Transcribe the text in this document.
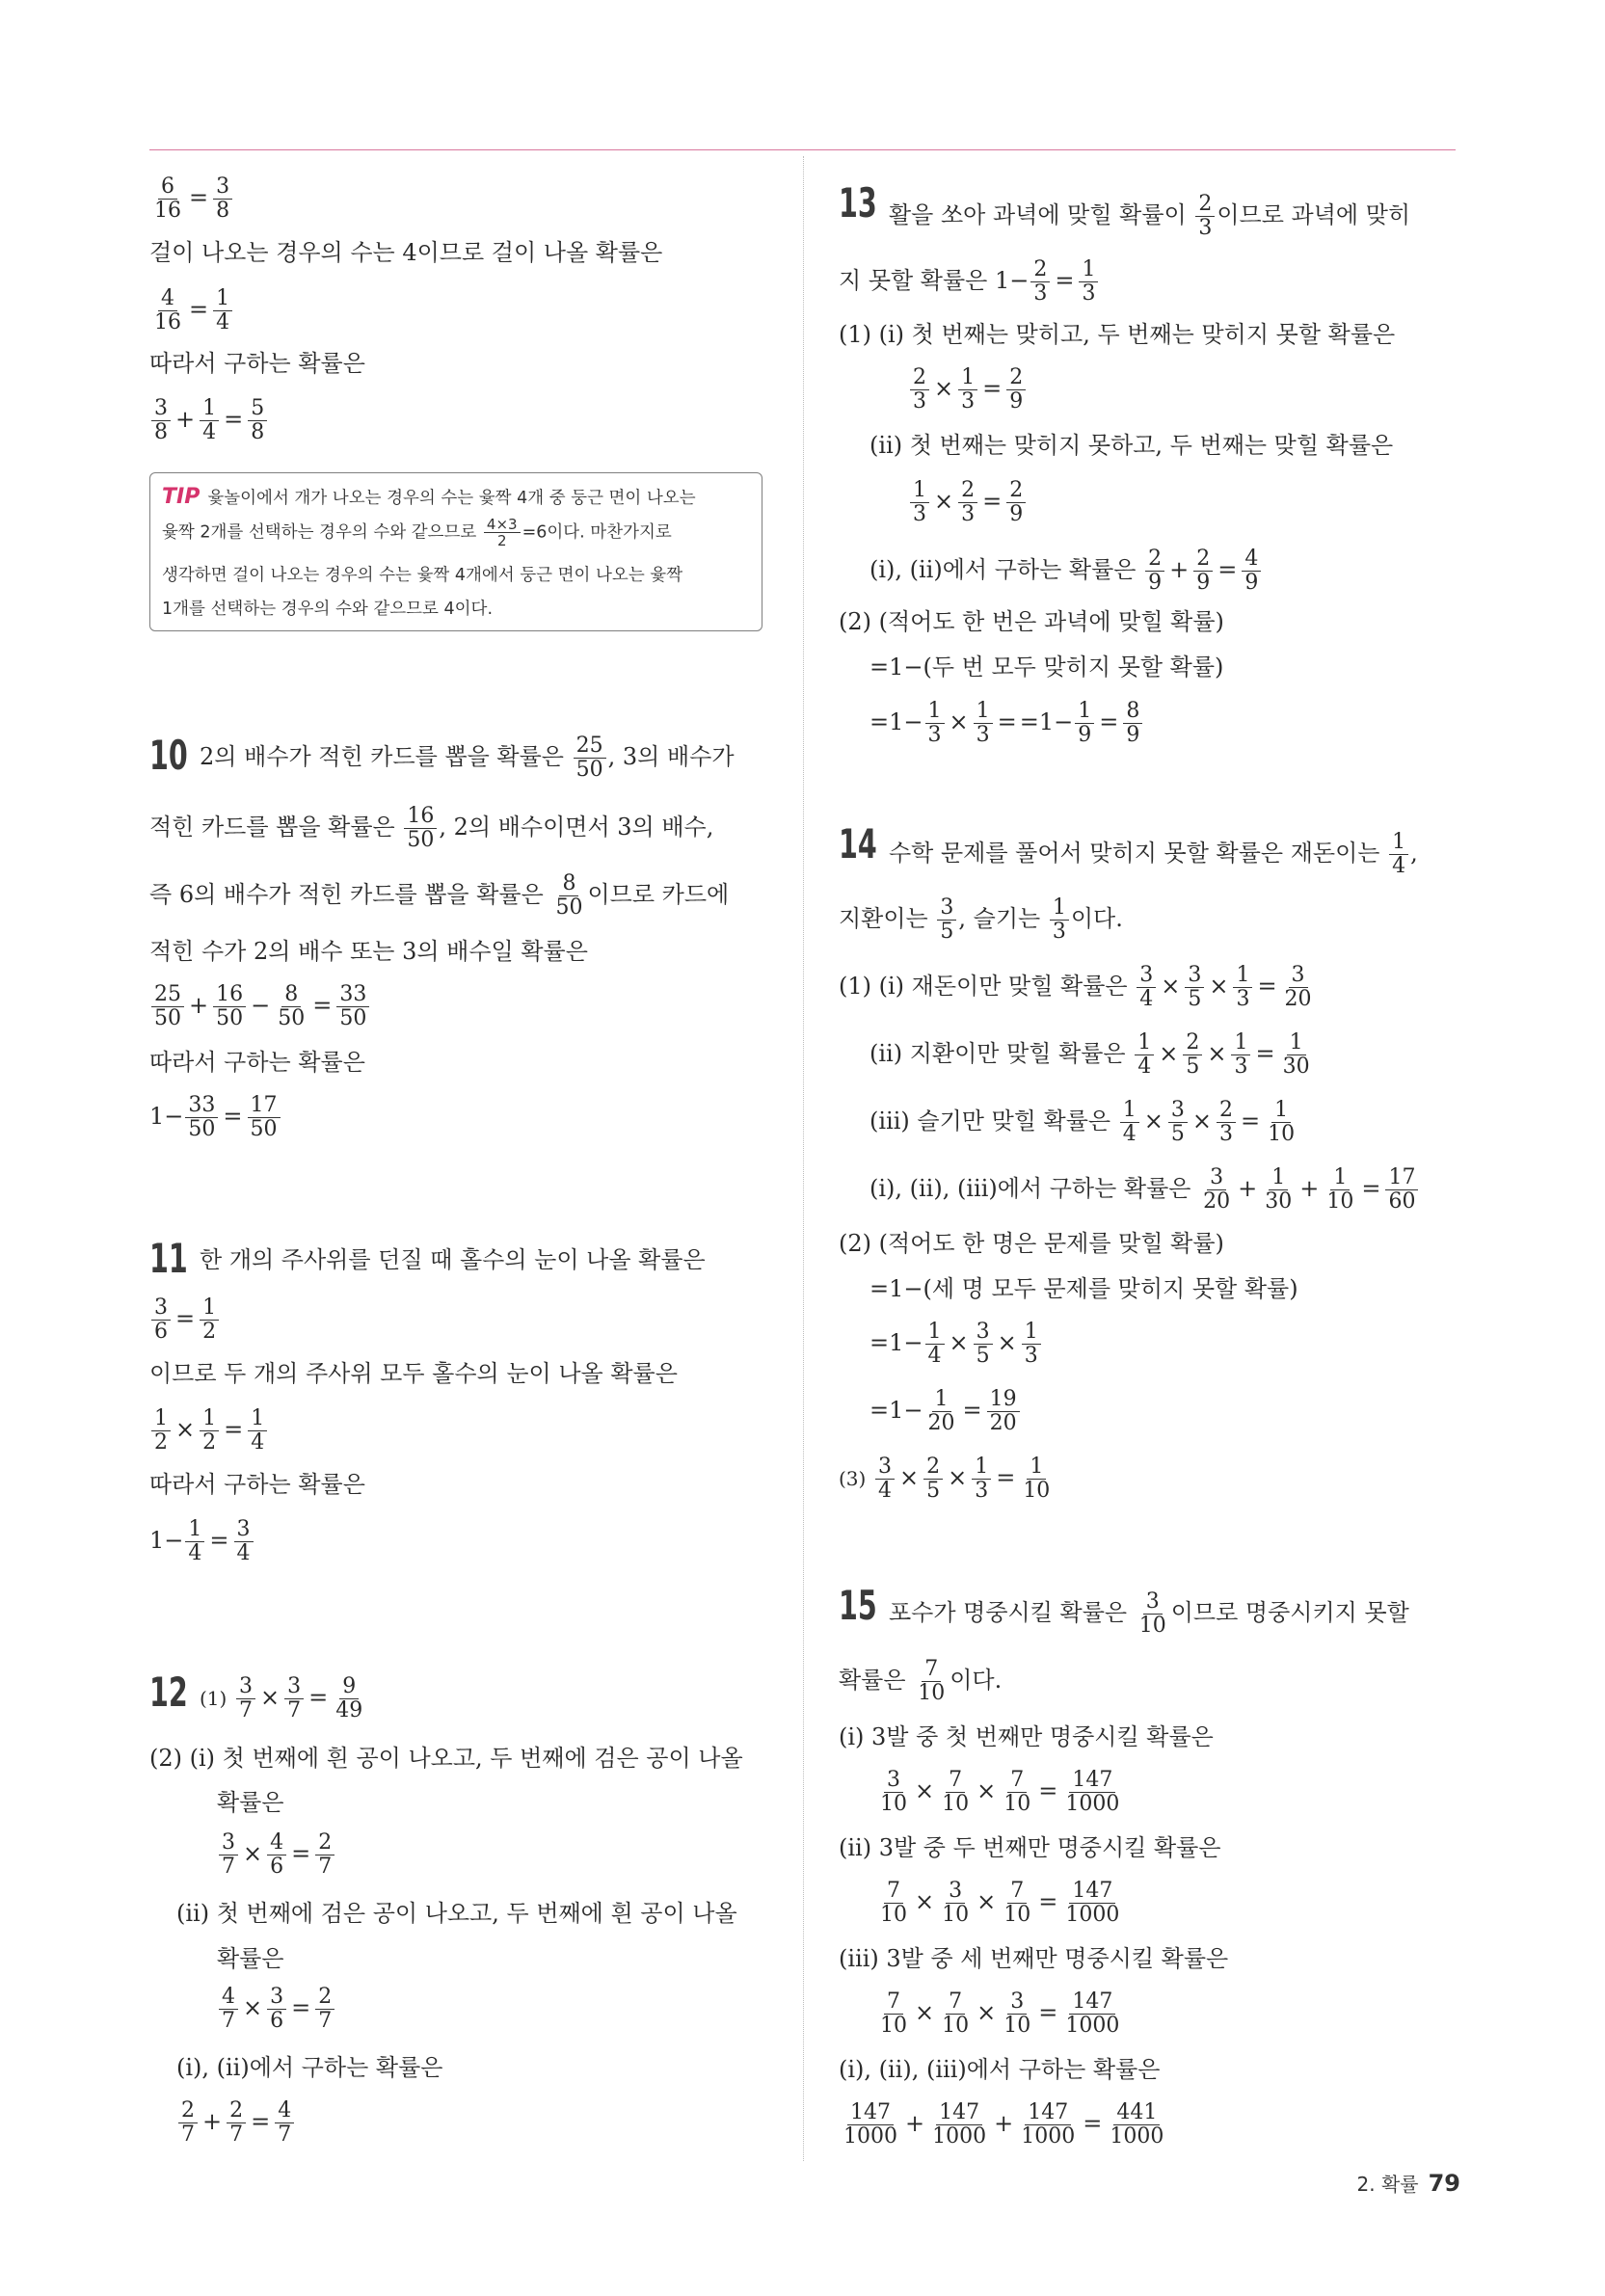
$\frac{6}{16} = \frac{3}{8}$
걸이 나오는 경우의 수는 4이므로 걸이 나올 확률은
$\frac{4}{16} = \frac{1}{4}$
따라서 구하는 확률은
$\frac{3}{8} + \frac{1}{4} = \frac{5}{8}$
10 2의 배수가 적힌 카드를 뽑을 확률은 $\frac{25}{50}$ , 3의 배수가
적힌 카드를 뽑을 확률은 $\frac{16}{50}$ , 2의 배수이면서 3의 배수,
즉 6의 배수가 적힌 카드를 뽑을 확률은 $\frac{8}{50}$ 이므로 카드에
적힌 수가 2의 배수 또는 3의 배수일 확률은
$\frac{25}{50} + \frac{16}{50} - \frac{8}{50} = \frac{33}{50}$
따라서 구하는 확률은
$1- \frac{33}{50} = \frac{17}{50}$
11 한 개의 주사위를 던질 때 홀수의 눈이 나올 확률은
$\frac{3}{6} = \frac{1}{2}$
이므로 두 개의 주사위 모두 홀수의 눈이 나올 확률은
$\frac{1}{2} \times \frac{1}{2} = \frac{1}{4}$
따라서 구하는 확률은
$1- \frac{1}{4} = \frac{3}{4}$
12 $(1) \frac{3}{7} \times \frac{3}{7} = \frac{9}{49}$
(2) (ⅰ) 첫 번째에 흰 공이 나오고, 두 번째에 검은 공이 나올
확률은
$\frac{3}{7} \times \frac{4}{6} = \frac{2}{7}$
(ⅱ) 첫 번째에 검은 공이 나오고, 두 번째에 흰 공이 나올
확률은
$\frac{4}{7} \times \frac{3}{6} = \frac{2}{7}$
(ⅰ), (ⅱ)에서 구하는 확률은
$\frac{2}{7} + \frac{2}{7} = \frac{4}{7}$
TIP 윷놀이에서 개가 나오는 경우의 수는 윷짝 4개 중 둥근 면이 나오는
윷짝 2개를 선택하는 경우의 수와 같으므로 $\frac{4\times 3}{2} =6$이다. 마찬가지로
생각하면 걸이 나오는 경우의 수는 윷짝 4개에서 둥근 면이 나오는 윷짝
1개를 선택하는 경우의 수와 같으므로 4이다.
13 활을 쏘아 과녁에 맞힐 확률이 $\frac{2}{3}$ 이므로 과녁에 맞히
지 못할 확률은 $1- \frac{2}{3} = \frac{1}{3}$
(1) (ⅰ) 첫 번째는 맞히고, 두 번째는 맞히지 못할 확률은
$\frac{2}{3} \times \frac{1}{3} = \frac{2}{9}$
(ⅱ) 첫 번째는 맞히지 못하고, 두 번째는 맞힐 확률은
$\frac{1}{3} \times \frac{2}{3} = \frac{2}{9}$
(ⅰ), (ⅱ)에서 구하는 확률은 $\frac{2}{9} + \frac{2}{9} = \frac{4}{9}$
(2) (적어도 한 번은 과녁에 맞힐 확률)
=1−(두 번 모두 맞히지 못할 확률)
$=1- \frac{1}{3} \times \frac{1}{3} = =1- \frac{1}{9} = \frac{8}{9}$
14 수학 문제를 풀어서 맞히지 못할 확률은 재돈이는 $\frac{1}{4}$ ,
지환이는 $\frac{3}{5}$ , 슬기는 $\frac{1}{3}$ 이다.
(1) (ⅰ) 재돈이만 맞힐 확률은 $\frac{3}{4} \times \frac{3}{5} \times \frac{1}{3} = \frac{3}{20}$
(ⅱ) 지환이만 맞힐 확률은 $\frac{1}{4} \times \frac{2}{5} \times \frac{1}{3} = \frac{1}{30}$
(ⅲ) 슬기만 맞힐 확률은 $\frac{1}{4} \times \frac{3}{5} \times \frac{2}{3} = \frac{1}{10}$
(ⅰ), (ⅱ), (ⅲ)에서 구하는 확률은 $\frac{3}{20} + \frac{1}{30} + \frac{1}{10} = \frac{17}{60}$
(2) (적어도 한 명은 문제를 맞힐 확률)
=1−(세 명 모두 문제를 맞히지 못할 확률)
$=1- \frac{1}{4} \times \frac{3}{5} \times \frac{1}{3}$
$=1- \frac{1}{20} = \frac{19}{20}$
$(3) \frac{3}{4} \times \frac{2}{5} \times \frac{1}{3} = \frac{1}{10}$
15 포수가 명중시킬 확률은 $\frac{3}{10}$ 이므로 명중시키지 못할
확률은 $\frac{7}{10}$ 이다.
(ⅰ) 3발 중 첫 번째만 명중시킬 확률은
$\frac{3}{10} \times \frac{7}{10} \times \frac{7}{10} = \frac{147}{1000}$
(ⅱ) 3발 중 두 번째만 명중시킬 확률은
$\frac{7}{10} \times \frac{3}{10} \times \frac{7}{10} = \frac{147}{1000}$
(ⅲ) 3발 중 세 번째만 명중시킬 확률은
$\frac{7}{10} \times \frac{7}{10} \times \frac{3}{10} = \frac{147}{1000}$
(ⅰ), (ⅱ), (ⅲ)에서 구하는 확률은
$\frac{147}{1000} + \frac{147}{1000} + \frac{147}{1000} = \frac{441}{1000}$
2. 확률 79
